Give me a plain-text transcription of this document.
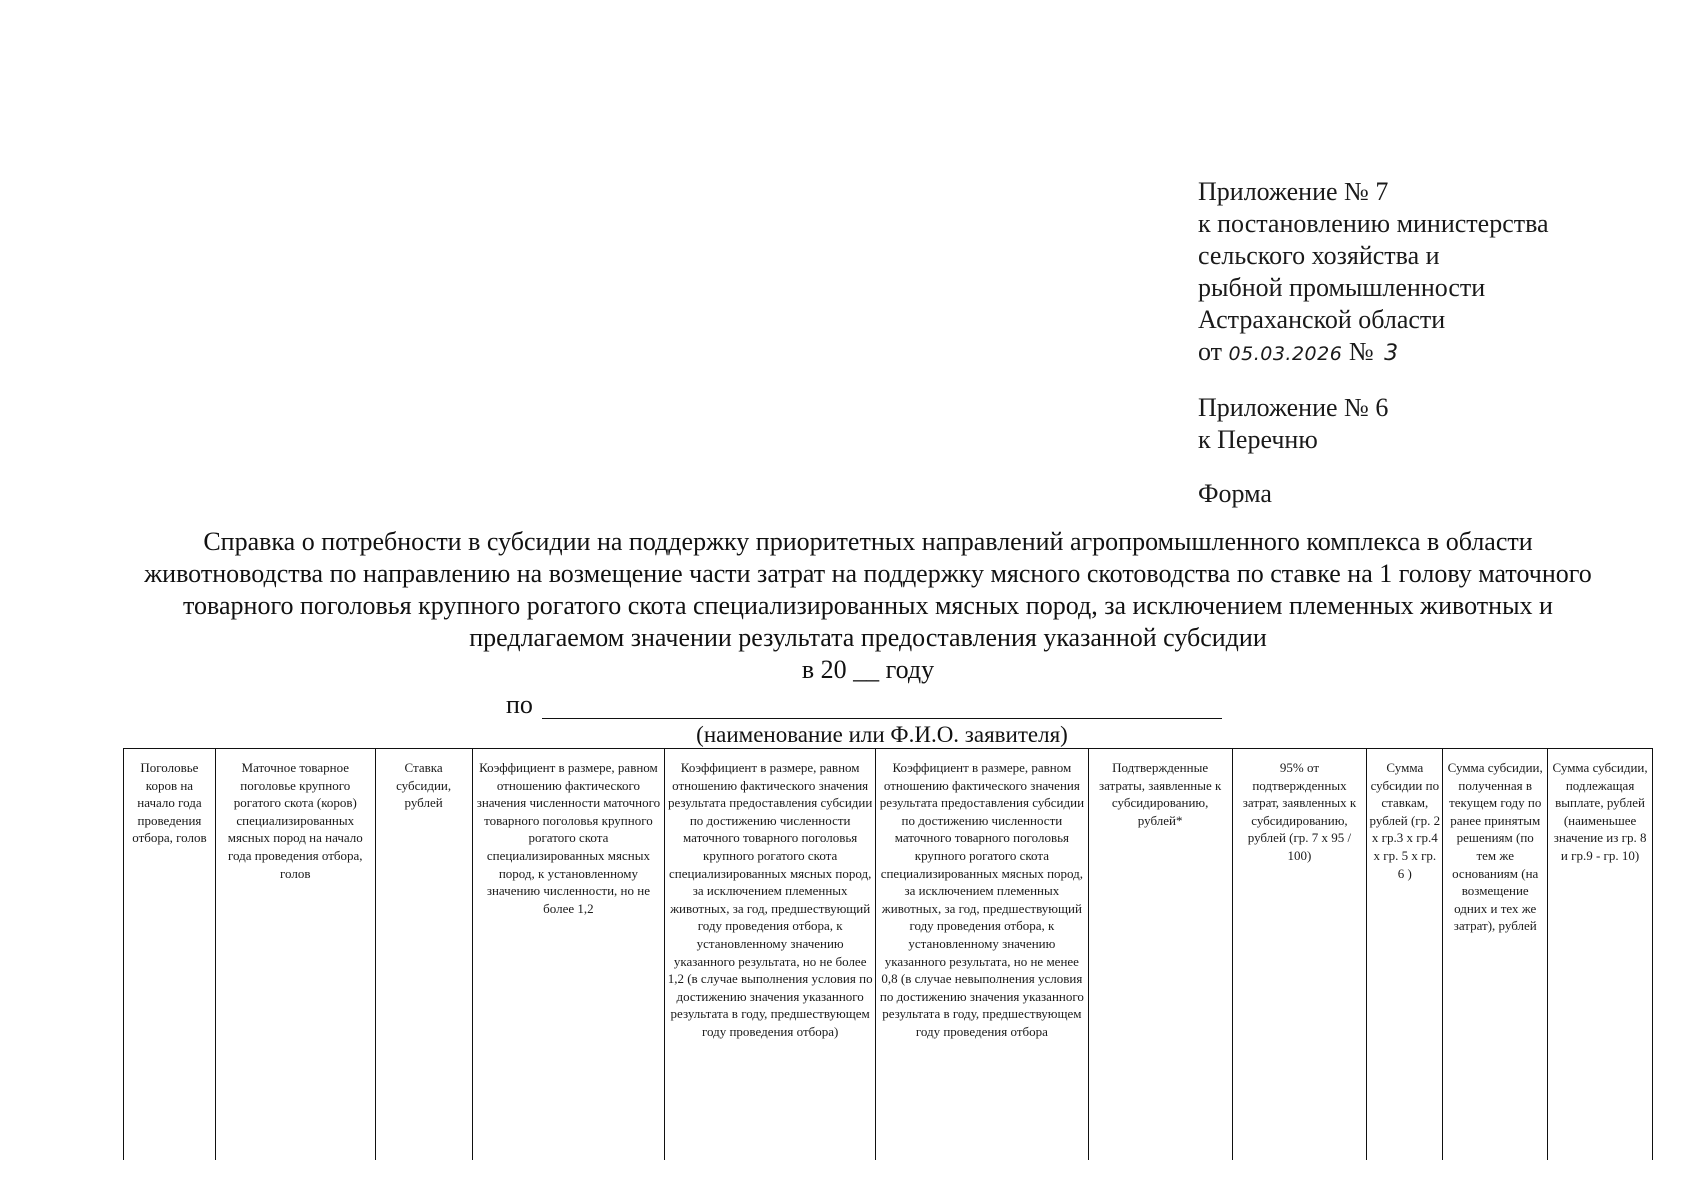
Приложение № 7
к постановлению министерства
сельского хозяйства и
рыбной промышленности
Астраханской области
от 05.03.2026 № 3
Приложение № 6
к Перечню
Форма
Справка о потребности в субсидии на поддержку приоритетных направлений агропромышленного комплекса в области животноводства по направлению на возмещение части затрат на поддержку мясного скотоводства по ставке на 1 голову маточного товарного поголовья крупного рогатого скота специализированных мясных пород, за исключением племенных животных и предлагаемом значении результата предоставления указанной субсидии
в 20 __ году
по
(наименование или Ф.И.О. заявителя)
Поголовье коров на начало года проведения отбора, голов
Маточное товарное поголовье крупного рогатого скота (коров) специализированных мясных пород на начало года проведения отбора, голов
Ставка субсидии, рублей
Коэффициент в размере, равном отношению фактического значения численности маточного товарного поголовья крупного рогатого скота специализированных мясных пород, к установленному значению численности, но не более 1,2
Коэффициент в размере, равном отношению фактического значения результата предоставления субсидии по достижению численности маточного товарного поголовья крупного рогатого скота специализированных мясных пород, за исключением племенных животных, за год, предшествующий году проведения отбора, к установленному значению указанного результата, но не более 1,2 (в случае выполнения условия по достижению значения указанного результата в году, предшествующем году проведения отбора)
Коэффициент в размере, равном отношению фактического значения результата предоставления субсидии по достижению численности маточного товарного поголовья крупного рогатого скота специализированных мясных пород, за исключением племенных животных, за год, предшествующий году проведения отбора, к установленному значению указанного результата, но не менее 0,8 (в случае невыполнения условия по достижению значения указанного результата в году, предшествующем году проведения отбора
Подтвержденные затраты, заявленные к субсидированию, рублей*
95% от подтвержденных затрат, заявленных к субсидированию, рублей (гр. 7 х 95 / 100)
Сумма субсидии по ставкам, рублей (гр. 2 х гр.3 х гр.4 х гр. 5 х гр. 6 )
Сумма субсидии, полученная в текущем году по ранее принятым решениям (по тем же основаниям (на возмещение одних и тех же затрат), рублей
Сумма субсидии, подлежащая выплате, рублей (наименьшее значение из гр. 8 и гр.9 - гр. 10)
